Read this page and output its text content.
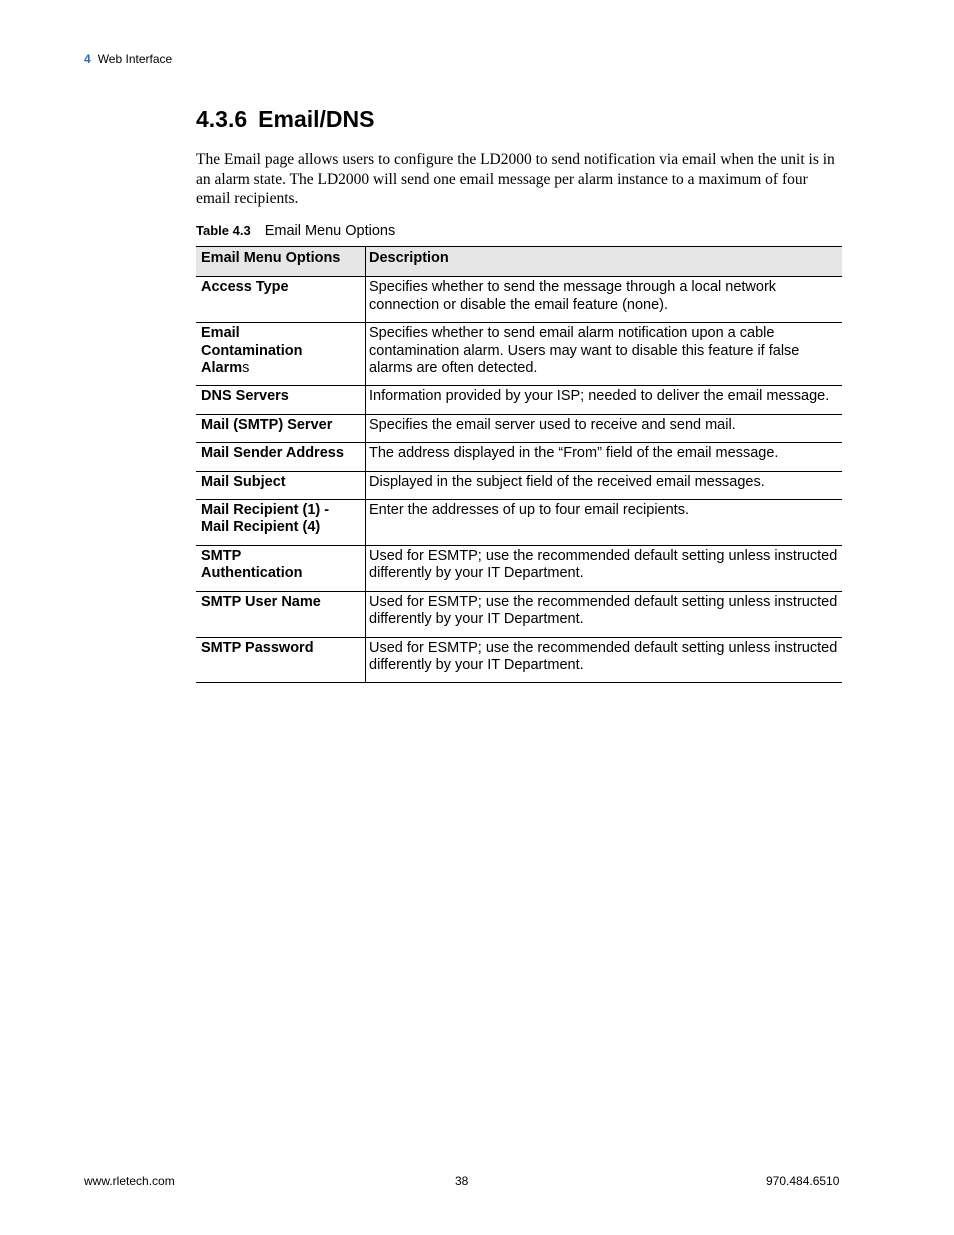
4 Web Interface
4.3.6 Email/DNS

The Email page allows users to configure the LD2000 to send notification via email when the unit is in an alarm state. The LD2000 will send one email message per alarm instance to a maximum of four email recipients.

Table 4.3 Email Menu Options
Email Menu Options	Description
Access Type	Specifies whether to send the message through a local network connection or disable the email feature (none).
Email
Contamination
Alarms	Specifies whether to send email alarm notification upon a cable contamination alarm. Users may want to disable this feature if false alarms are often detected.
DNS Servers	Information provided by your ISP; needed to deliver the email message.
Mail (SMTP) Server	Specifies the email server used to receive and send mail.
Mail Sender Address	The address displayed in the “From” field of the email message.
Mail Subject	Displayed in the subject field of the received email messages.
Mail Recipient (1) -
Mail Recipient (4)	Enter the addresses of up to four email recipients.
SMTP
Authentication	Used for ESMTP; use the recommended default setting unless instructed differently by your IT Department.
SMTP User Name	Used for ESMTP; use the recommended default setting unless instructed differently by your IT Department.
SMTP Password	Used for ESMTP; use the recommended default setting unless instructed differently by your IT Department.
www.rletech.com	38	970.484.6510
